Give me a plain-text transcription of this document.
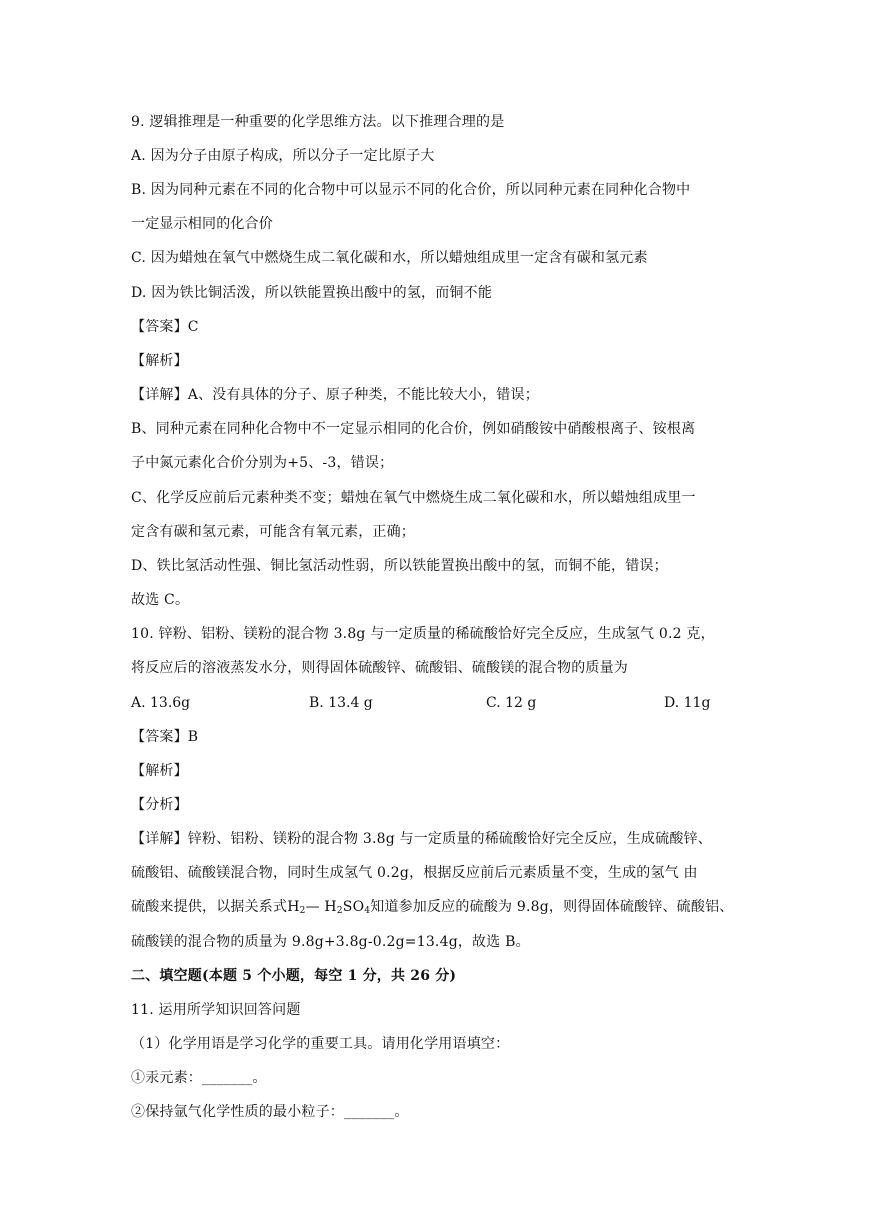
9. 逻辑推理是一种重要的化学思维方法。以下推理合理的是
A. 因为分子由原子构成，所以分子一定比原子大
B. 因为同种元素在不同的化合物中可以显示不同的化合价，所以同种元素在同种化合物中
一定显示相同的化合价
C. 因为蜡烛在氧气中燃烧生成二氧化碳和水，所以蜡烛组成里一定含有碳和氢元素
D. 因为铁比铜活泼，所以铁能置换出酸中的氢，而铜不能
【答案】C
【解析】
【详解】A、没有具体的分子、原子种类，不能比较大小，错误；
B、同种元素在同种化合物中不一定显示相同的化合价，例如硝酸铵中硝酸根离子、铵根离
子中氮元素化合价分别为+5、-3，错误；
C、化学反应前后元素种类不变；蜡烛在氧气中燃烧生成二氧化碳和水，所以蜡烛组成里一
定含有碳和氢元素，可能含有氧元素，正确；
D、铁比氢活动性强、铜比氢活动性弱，所以铁能置换出酸中的氢，而铜不能，错误；
故选 C。
10. 锌粉、铝粉、镁粉的混合物 3.8g 与一定质量的稀硫酸恰好完全反应，生成氢气 0.2 克，
将反应后的溶液蒸发水分，则得固体硫酸锌、硫酸铝、硫酸镁的混合物的质量为
A. 13.6g	B. 13.4 g	C. 12 g	D. 11g
【答案】B
【解析】
【分析】
【详解】锌粉、铝粉、镁粉的混合物 3.8g 与一定质量的稀硫酸恰好完全反应，生成硫酸锌、
硫酸铝、硫酸镁混合物，同时生成氢气 0.2g，根据反应前后元素质量不变，生成的氢气 由
硫酸来提供，以据关系式$H_2—$ $H_2SO_4$知道参加反应的硫酸为 9.8g，则得固体硫酸锌、硫酸铝、
硫酸镁的混合物的质量为 9.8g+3.8g-0.2g=13.4g，故选 B。
二、填空题(本题 5 个小题，每空 1 分，共 26 分)
11. 运用所学知识回答问题
（1）化学用语是学习化学的重要工具。请用化学用语填空：
①汞元素：_______。
②保持氩气化学性质的最小粒子：_______。
